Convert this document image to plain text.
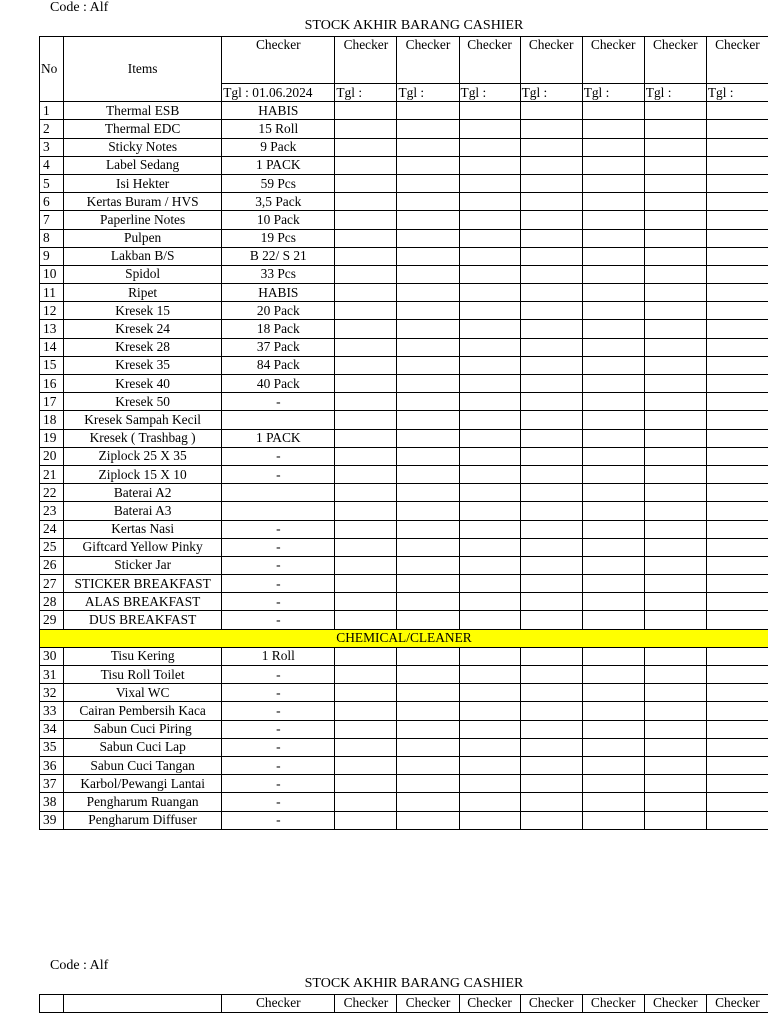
Code : Alf
STOCK AKHIR BARANG CASHIER
No	Items	Checker	Checker	Checker	Checker	Checker	Checker	Checker	Checker
		Tgl : 01.06.2024	Tgl :	Tgl :	Tgl :	Tgl :	Tgl :	Tgl :	Tgl :
1	Thermal ESB	HABIS							
2	Thermal EDC	15 Roll							
3	Sticky Notes	9 Pack							
4	Label Sedang	1 PACK							
5	Isi Hekter	59 Pcs							
6	Kertas Buram / HVS	3,5 Pack							
7	Paperline Notes	10 Pack							
8	Pulpen	19 Pcs							
9	Lakban B/S	B 22/ S 21							
10	Spidol	33 Pcs							
11	Ripet	HABIS							
12	Kresek 15	20 Pack							
13	Kresek 24	18 Pack							
14	Kresek 28	37 Pack							
15	Kresek 35	84 Pack							
16	Kresek 40	40 Pack							
17	Kresek 50	-							
18	Kresek Sampah Kecil								
19	Kresek ( Trashbag )	1 PACK							
20	Ziplock 25 X 35	-							
21	Ziplock 15 X 10	-							
22	Baterai A2								
23	Baterai A3								
24	Kertas Nasi	-							
25	Giftcard Yellow Pinky	-							
26	Sticker Jar	-							
27	STICKER BREAKFAST	-							
28	ALAS BREAKFAST	-							
29	DUS BREAKFAST	-							
CHEMICAL/CLEANER									
30	Tisu Kering	1 Roll							
31	Tisu Roll Toilet	-							
32	Vixal WC	-							
33	Cairan Pembersih Kaca	-							
34	Sabun Cuci Piring	-							
35	Sabun Cuci Lap	-							
36	Sabun Cuci Tangan	-							
37	Karbol/Pewangi Lantai	-							
38	Pengharum Ruangan	-							
39	Pengharum Diffuser	-							
Code : Alf
STOCK AKHIR BARANG CASHIER
		Checker	Checker	Checker	Checker	Checker	Checker	Checker	Checker
